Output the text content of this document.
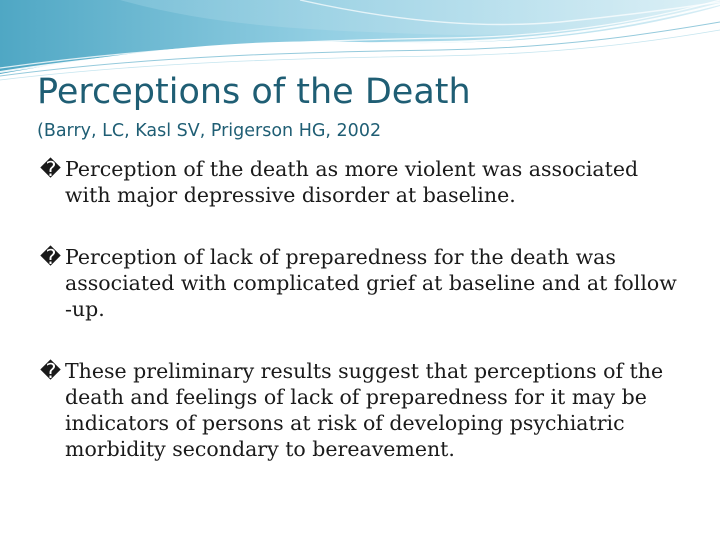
Perceptions of the Death
(Barry, LC, Kasl SV, Prigerson HG, 2002
� Perception of the death as more violent was associated with major depressive disorder at baseline.
� Perception of lack of preparedness for the death was associated with complicated grief at baseline and at follow -up.
� These preliminary results suggest that perceptions of the death and feelings of lack of preparedness for it may be indicators of persons at risk of developing psychiatric morbidity secondary to bereavement.
